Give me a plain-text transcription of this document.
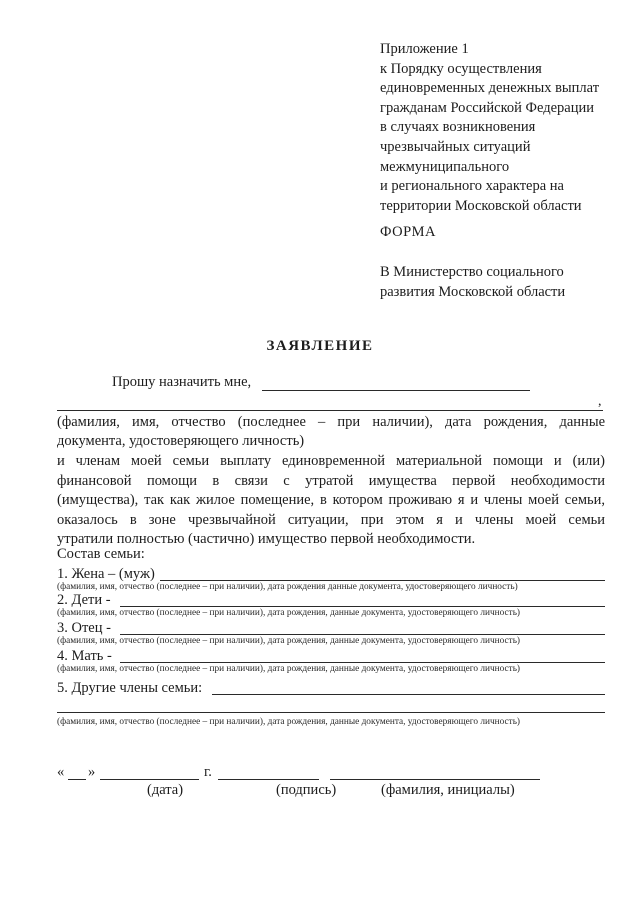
Приложение 1
к Порядку осуществления
единовременных денежных выплат
гражданам Российской Федерации
в случаях возникновения
чрезвычайных ситуаций
межмуниципального
и регионального характера на
территории Московской области
ФОРМА
В Министерство социального
развития Московской области
ЗАЯВЛЕНИЕ
Прошу назначить мне,
,
(фамилия, имя, отчество (последнее – при наличии), дата рождения, данные
документа, удостоверяющего личность)
и членам моей семьи выплату единовременной материальной помощи и (или)
финансовой помощи в связи с утратой имущества первой необходимости
(имущества), так как жилое помещение, в котором проживаю я и члены моей семьи,
оказалось в зоне чрезвычайной ситуации, при этом я и члены моей семьи
утратили полностью (частично) имущество первой необходимости.
Состав семьи:
1. Жена – (муж)
(фамилия, имя, отчество (последнее – при наличии), дата рождения данные документа, удостоверяющего личность)
2. Дети -
(фамилия, имя, отчество (последнее – при наличии), дата рождения, данные документа, удостоверяющего личность)
3. Отец -
(фамилия, имя, отчество (последнее – при наличии), дата рождения, данные документа, удостоверяющего личность)
4. Мать -
(фамилия, имя, отчество (последнее – при наличии), дата рождения, данные документа, удостоверяющего личность)
5. Другие члены семьи:
(фамилия, имя, отчество (последнее – при наличии), дата рождения, данные документа, удостоверяющего личность)
« »	г.
(дата)	(подпись)	(фамилия, инициалы)
